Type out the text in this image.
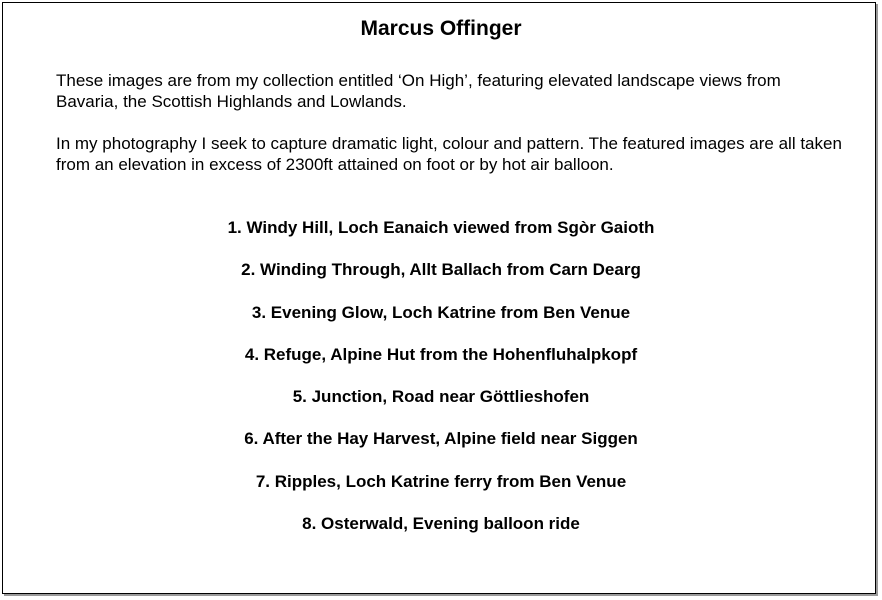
Marcus Offinger
These images are from my collection entitled ‘On High’, featuring elevated landscape views from Bavaria, the Scottish Highlands and Lowlands.
In my photography I seek to capture dramatic light, colour and pattern. The featured images are all taken from an elevation in excess of 2300ft attained on foot or by hot air balloon.
1. Windy Hill, Loch Eanaich viewed from Sgòr Gaioth
2. Winding Through, Allt Ballach from Carn Dearg
3. Evening Glow, Loch Katrine from Ben Venue
4. Refuge, Alpine Hut from the Hohenfluhalpkopf
5. Junction, Road near Göttlieshofen
6. After the Hay Harvest, Alpine field near Siggen
7. Ripples, Loch Katrine ferry from Ben Venue
8. Osterwald, Evening balloon ride
